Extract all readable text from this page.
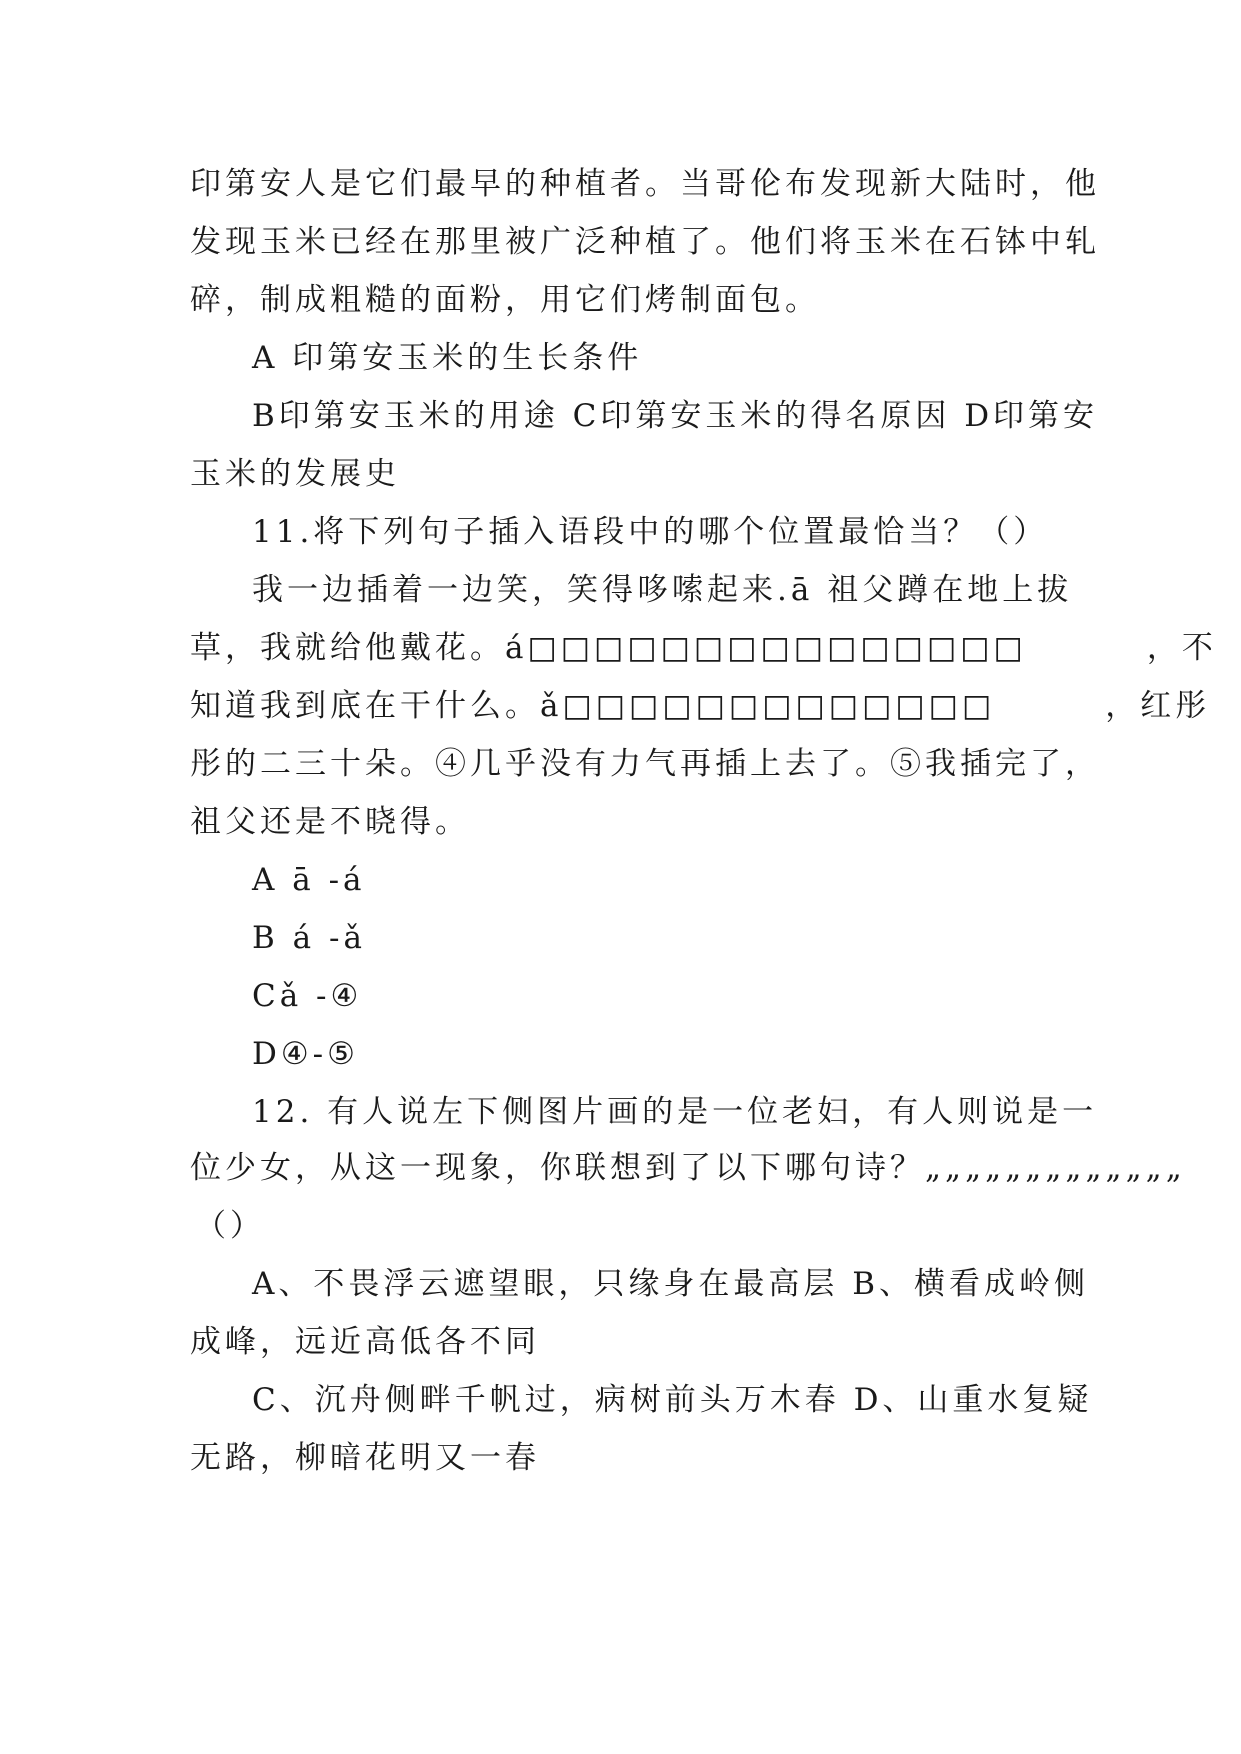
印第安人是它们最早的种植者。当哥伦布发现新大陆时，他
发现玉米已经在那里被广泛种植了。他们将玉米在石钵中轧
碎，制成粗糙的面粉，用它们烤制面包。
A 印第安玉米的生长条件
B印第安玉米的用途 C印第安玉米的得名原因 D印第安
玉米的发展史
11.将下列句子插入语段中的哪个位置最恰当？（）
我一边插着一边笑，笑得哆嗦起来.ā 祖父蹲在地上拔
草，我就给他戴花。á□□□□□□□□□□□□□□□	，不
知道我到底在干什么。ǎ□□□□□□□□□□□□□	，红彤
彤的二三十朵。④几乎没有力气再插上去了。⑤我插完了，
祖父还是不晓得。
A ā -á
B á -ǎ
Cǎ -④
D④-⑤
12. 有人说左下侧图片画的是一位老妇，有人则说是一
位少女，从这一现象，你联想到了以下哪句诗？„„„„„„„„„„„„„
（）
A、不畏浮云遮望眼，只缘身在最高层 B、横看成岭侧
成峰，远近高低各不同
C、沉舟侧畔千帆过，病树前头万木春 D、山重水复疑
无路，柳暗花明又一春
